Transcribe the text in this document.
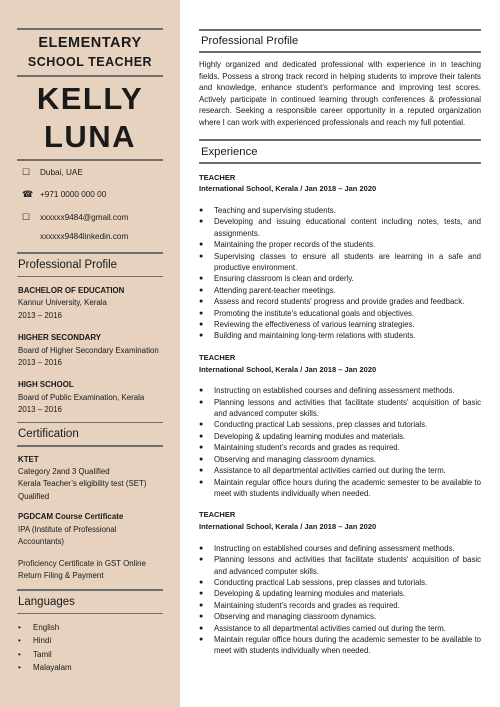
ELEMENTARY
SCHOOL TEACHER
KELLY
LUNA
☐	Dubai, UAE
☎ +971 0000 000 00
☐	xxxxxx9484@gmail.com
xxxxxx9484linkedin.com
Professional Profile
BACHELOR OF EDUCATION
Kannur University, Kerala
2013 – 2016
HIGHER SECONDARY
Board of Higher Secondary Examination
2013 – 2016
HIGH SCHOOL
Board of Public Examination, Kerala
2013 – 2016
Certification
KTET
Category 2and 3 Qualified
Kerala Teacher’s eligibility test (SET)
Qualified
PGDCAM Course Certificate
IPA (Institute of Professional
Accountants)
Proficiency Certificate in GST Online
Return Filing & Payment
Languages
•	English
•	Hindi
•	Tamil
•	Malayalam
Professional Profile

Highly organized and dedicated professional with experience in in teaching fields. Possess a strong track record in helping students to improve their talents and knowledge, enhance student’s performance and improving test scores. Actively participate in continued learning through conferences & professional research. Seeking a responsible career opportunity in a reputed organization where I can work with experienced professionals and reach my full potential.

Experience
TEACHER
International School, Kerala / Jan 2018 – Jan 2020
●	Teaching and supervising students.
●	Developing and issuing educational content including notes, tests, and assignments.
●	Maintaining the proper records of the students.
●	Supervising classes to ensure all students are learning in a safe and productive environment.
●	Ensuring classroom is clean and orderly.
●	Attending parent-teacher meetings.
●	Assess and record students' progress and provide grades and feedback.
●	Promoting the institute’s educational goals and objectives.
●	Reviewing the effectiveness of various learning strategies.
●	Building and maintaining long-term relations with students.
TEACHER
International School, Kerala / Jan 2018 – Jan 2020
●	Instructing on established courses and defining assessment methods.
●	Planning lessons and activities that facilitate students' acquisition of basic and advanced computer skills.
●	Conducting practical Lab sessions, prep classes and tutorials.
●	Developing & updating learning modules and materials.
●	Maintaining student’s records and grades as required.
●	Observing and managing classroom dynamics.
●	Assistance to all departmental activities carried out during the term.
●	Maintain regular office hours during the academic semester to be available to meet with students individually when needed.
TEACHER
International School, Kerala / Jan 2018 – Jan 2020
●	Instructing on established courses and defining assessment methods.
●	Planning lessons and activities that facilitate students' acquisition of basic and advanced computer skills.
●	Conducting practical Lab sessions, prep classes and tutorials.
●	Developing & updating learning modules and materials.
●	Maintaining student’s records and grades as required.
●	Observing and managing classroom dynamics.
●	Assistance to all departmental activities carried out during the term.
●	Maintain regular office hours during the academic semester to be available to meet with students individually when needed.
